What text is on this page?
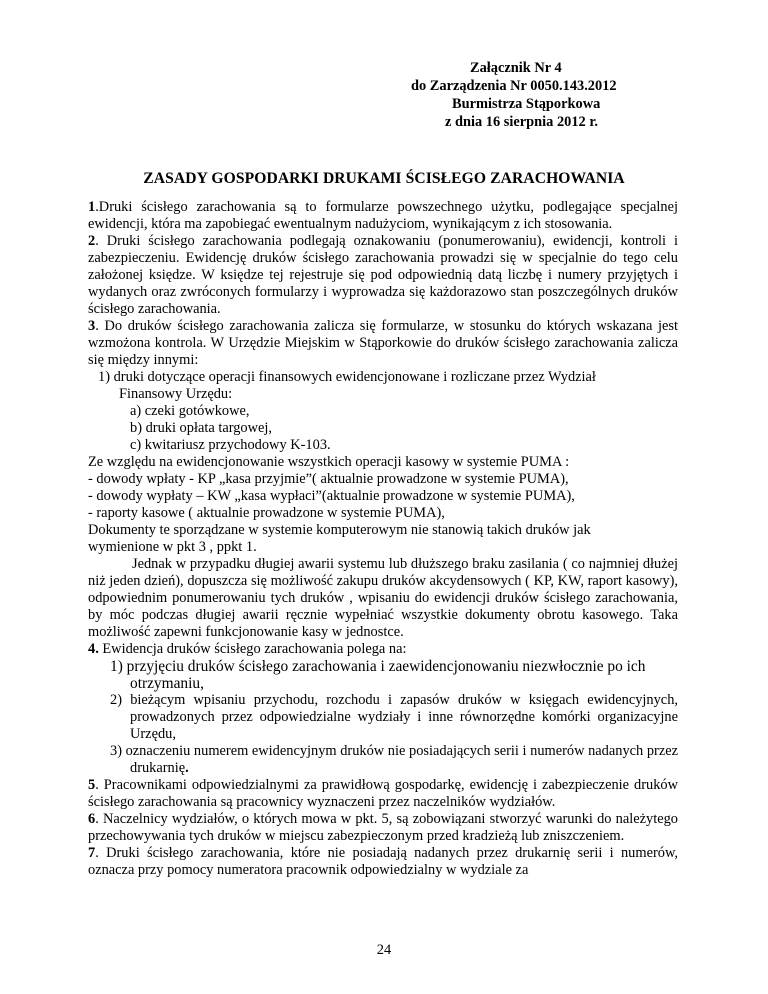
Załącznik Nr 4
do Zarządzenia Nr 0050.143.2012
Burmistrza Stąporkowa
z dnia 16 sierpnia 2012 r.
ZASADY GOSPODARKI DRUKAMI ŚCISŁEGO ZARACHOWANIA

1.Druki ścisłego zarachowania są to formularze powszechnego użytku, podlegające specjalnej ewidencji, która ma zapobiegać ewentualnym nadużyciom, wynikającym z ich stosowania.

2. Druki ścisłego zarachowania podlegają oznakowaniu (ponumerowaniu), ewidencji, kontroli i zabezpieczeniu. Ewidencję druków ścisłego zarachowania prowadzi się w specjalnie do tego celu założonej księdze. W księdze tej rejestruje się pod odpowiednią datą liczbę i numery przyjętych i wydanych oraz zwróconych formularzy i wyprowadza się każdorazowo stan poszczególnych druków ścisłego zarachowania.

3. Do druków ścisłego zarachowania zalicza się formularze, w stosunku do których wskazana jest wzmożona kontrola. W Urzędzie Miejskim w Stąporkowie do druków ścisłego zarachowania zalicza się między innymi:

1) druki dotyczące operacji finansowych ewidencjonowane i rozliczane przez Wydział

Finansowy Urzędu:

a) czeki gotówkowe,

b) druki opłata targowej,

c) kwitariusz przychodowy K-103.

Ze względu na ewidencjonowanie wszystkich operacji kasowy w systemie PUMA :

- dowody wpłaty - KP „kasa przyjmie”( aktualnie prowadzone w systemie PUMA),

- dowody wypłaty – KW „kasa wypłaci”(aktualnie prowadzone w systemie PUMA),

- raporty kasowe ( aktualnie prowadzone w systemie PUMA),

Dokumenty te sporządzane w systemie komputerowym nie stanowią takich druków jak

wymienione w pkt 3 , ppkt 1.

Jednak w przypadku długiej awarii systemu lub dłuższego braku zasilania ( co najmniej dłużej niż jeden dzień), dopuszcza się możliwość zakupu druków akcydensowych ( KP, KW, raport kasowy), odpowiednim ponumerowaniu tych druków , wpisaniu do ewidencji druków ścisłego zarachowania, by móc podczas długiej awarii ręcznie wypełniać wszystkie dokumenty obrotu kasowego. Taka możliwość zapewni funkcjonowanie kasy w jednostce.

4. Ewidencja druków ścisłego zarachowania polega na:

1) przyjęciu druków ścisłego zarachowania i zaewidencjonowaniu niezwłocznie po ich otrzymaniu,

2) bieżącym wpisaniu przychodu, rozchodu i zapasów druków w księgach ewidencyjnych, prowadzonych przez odpowiedzialne wydziały i inne równorzędne komórki organizacyjne Urzędu,

3) oznaczeniu numerem ewidencyjnym druków nie posiadających serii i numerów nadanych przez drukarnię.

5. Pracownikami odpowiedzialnymi za prawidłową gospodarkę, ewidencję i zabezpieczenie druków ścisłego zarachowania są pracownicy wyznaczeni przez naczelników wydziałów.

6. Naczelnicy wydziałów, o których mowa w pkt. 5, są zobowiązani stworzyć warunki do należytego przechowywania tych druków w miejscu zabezpieczonym przed kradzieżą lub zniszczeniem.

7. Druki ścisłego zarachowania, które nie posiadają nadanych przez drukarnię serii i numerów, oznacza przy pomocy numeratora pracownik odpowiedzialny w wydziale za

24
